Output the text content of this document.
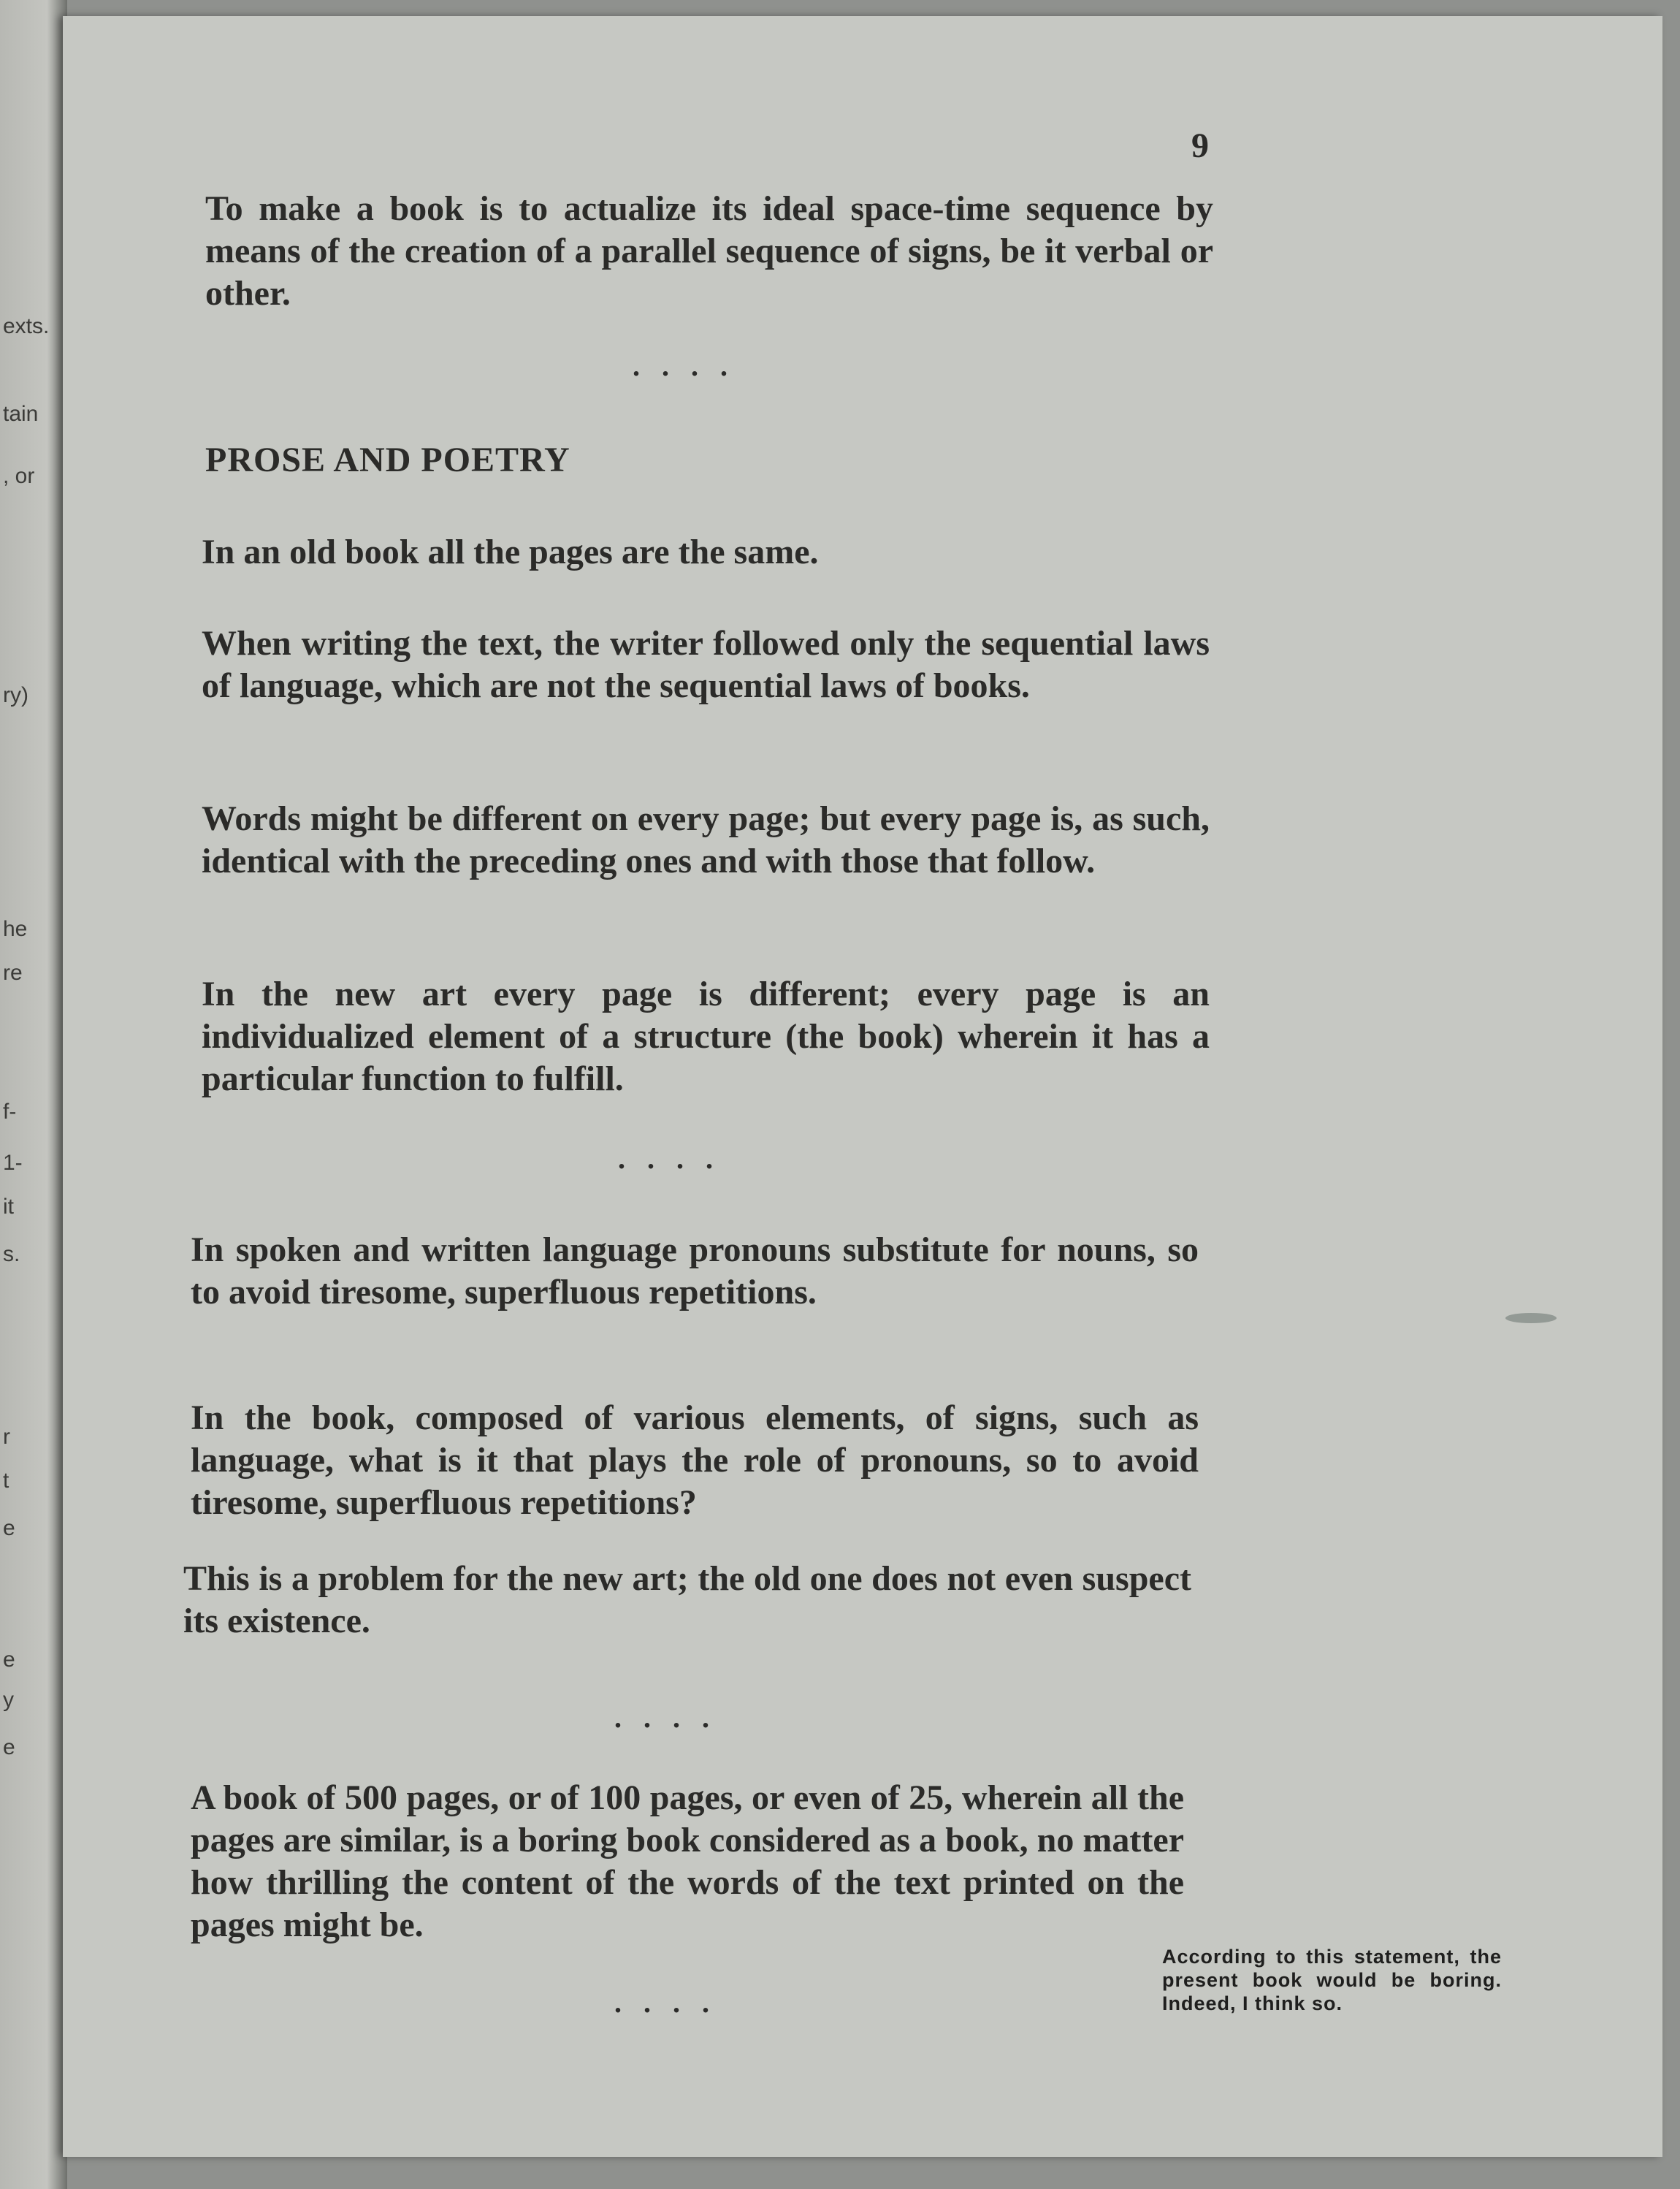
exts.
tain
, or
ry)
he
re
f-
1-
it
s.
r
t
e
e
y
e
9

To make a book is to actualize its ideal space-time sequence by means of the creation of a parallel sequence of signs, be it verbal or other.

. . . .
PROSE AND POETRY

In an old book all the pages are the same.

When writing the text, the writer followed only the sequential laws of language, which are not the sequential laws of books.

Words might be different on every page; but every page is, as such, identical with the preceding ones and with those that follow.

In the new art every page is different; every page is an individualized element of a structure (the book) wherein it has a particular function to fulfill.

. . . .

In spoken and written language pronouns substitute for nouns, so to avoid tiresome, superfluous repetitions.

In the book, composed of various elements, of signs, such as language, what is it that plays the role of pronouns, so to avoid tiresome, superfluous repetitions?

This is a problem for the new art; the old one does not even suspect its existence.

. . . .

A book of 500 pages, or of 100 pages, or even of 25, wherein all the pages are similar, is a boring book considered as a book, no matter how thrilling the content of the words of the text printed on the pages might be.

. . . .

According to this statement, the present book would be boring. Indeed, I think so.
